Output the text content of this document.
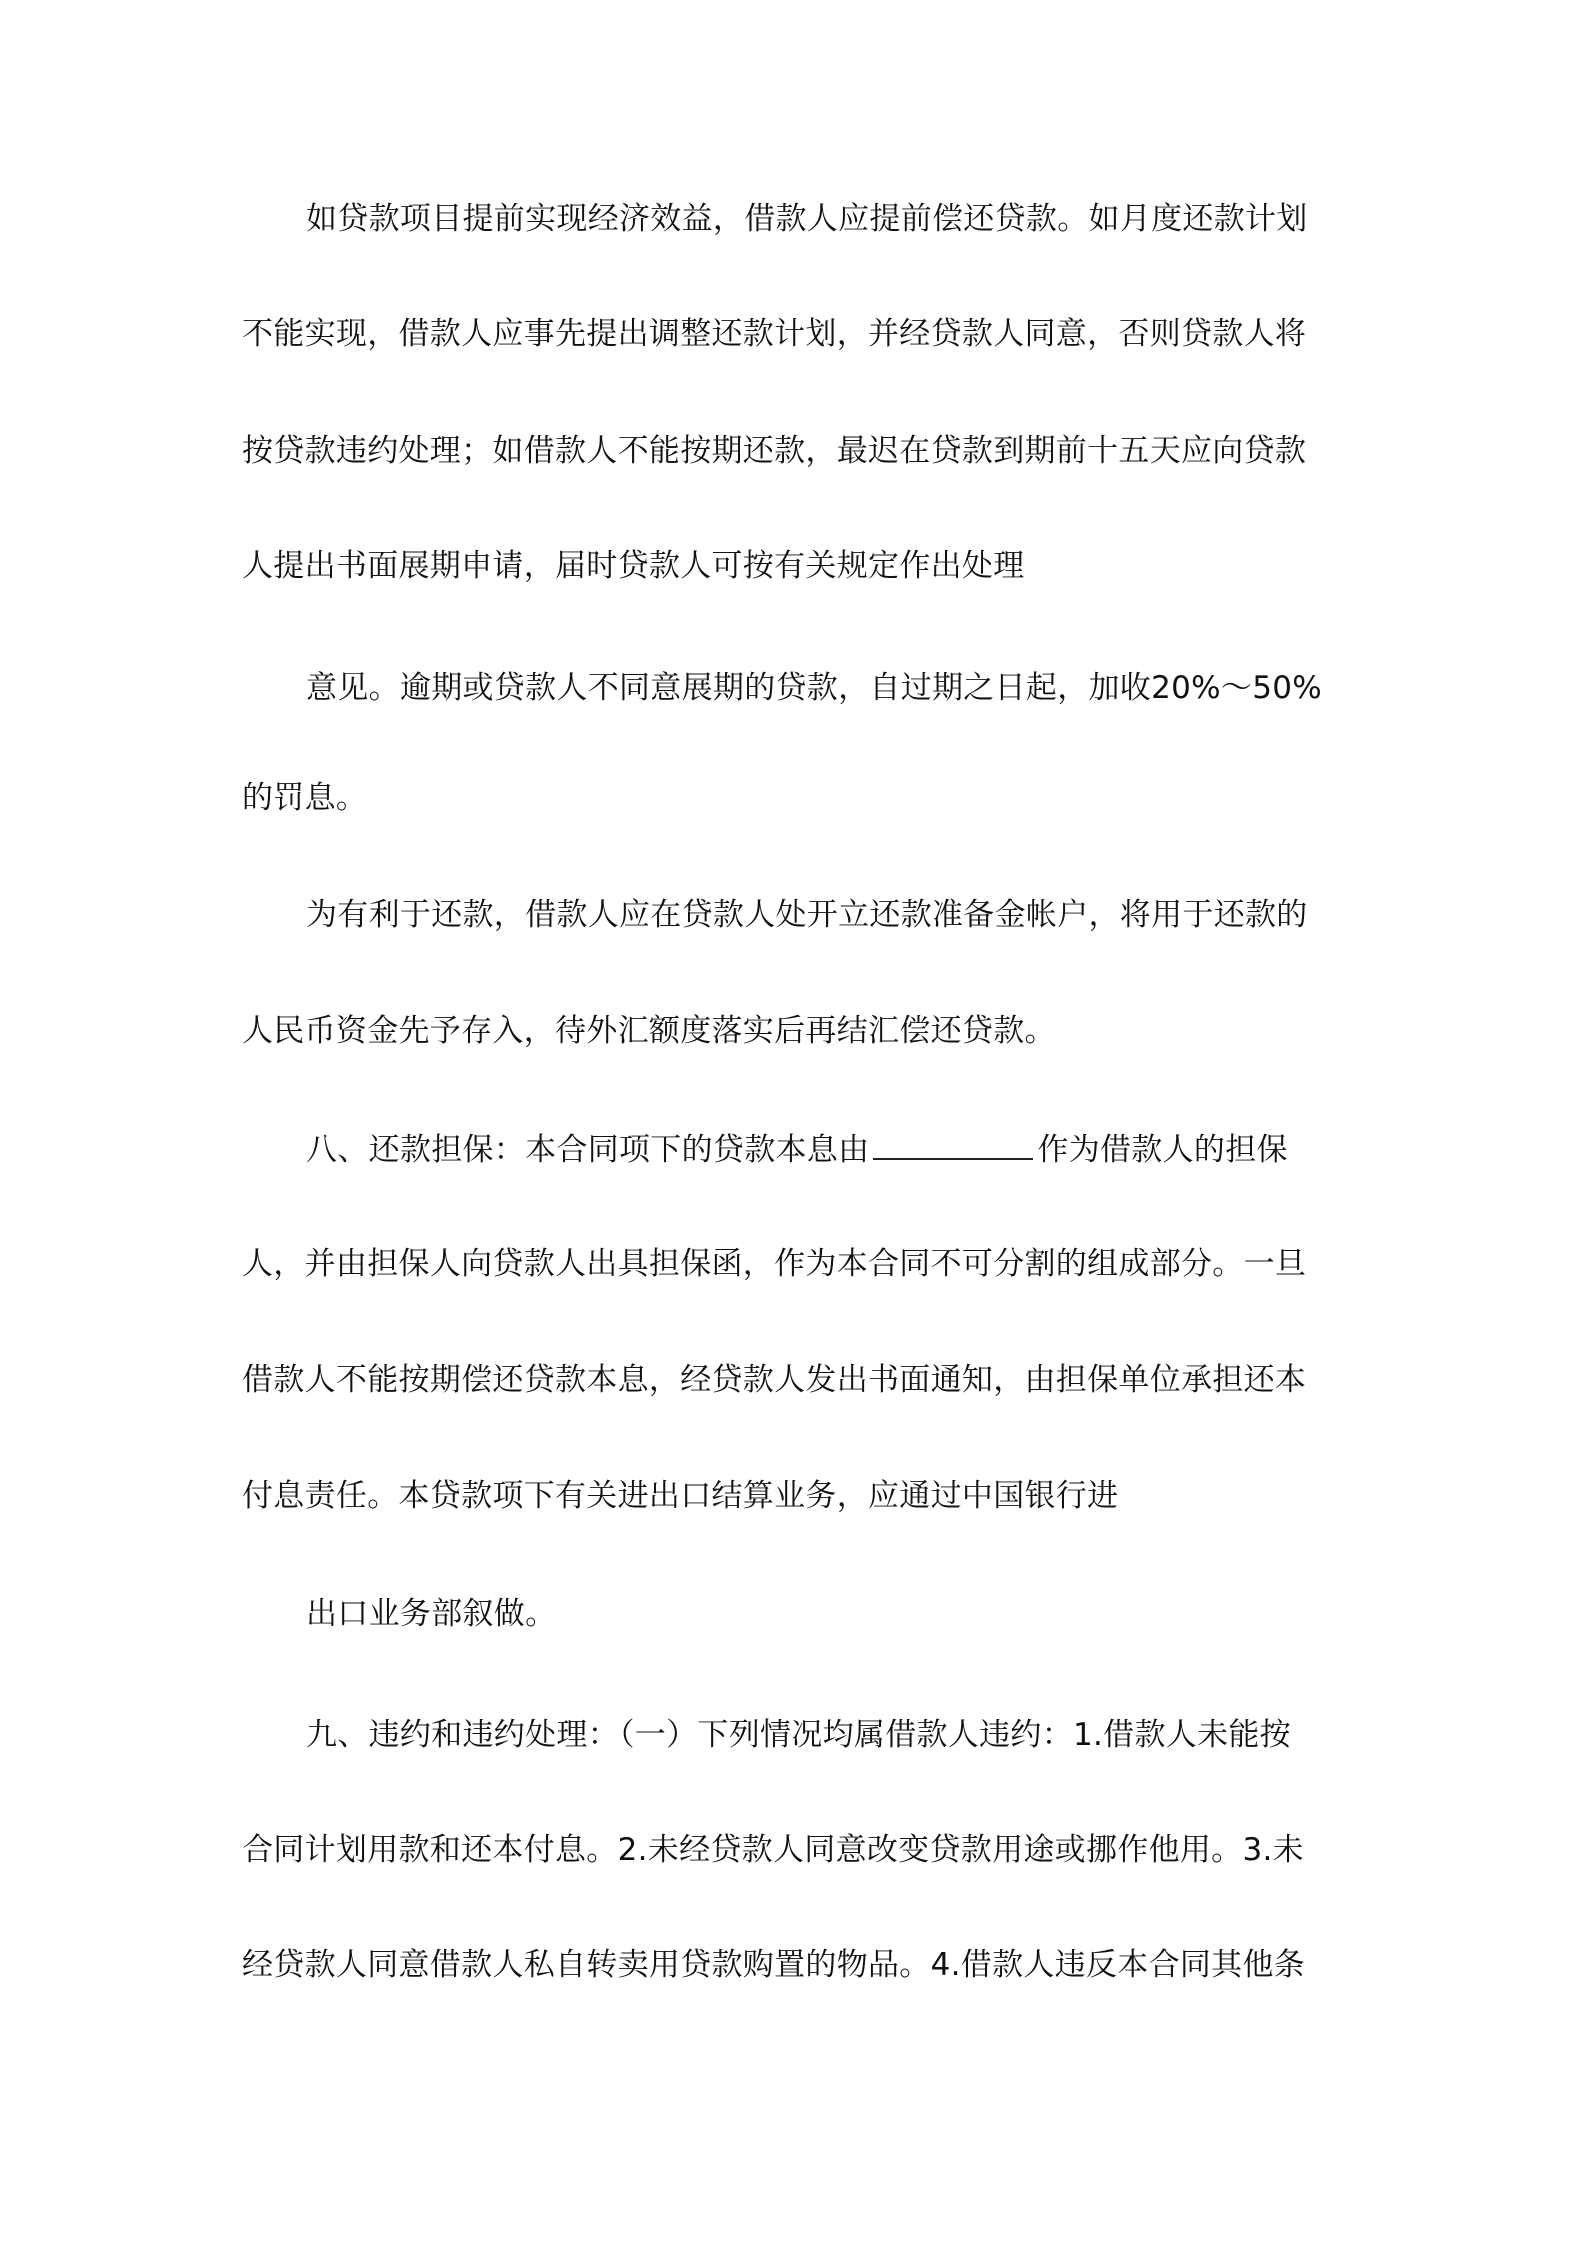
如贷款项目提前实现经济效益，借款人应提前偿还贷款。如月度还款计划
不能实现，借款人应事先提出调整还款计划，并经贷款人同意，否则贷款人将
按贷款违约处理；如借款人不能按期还款，最迟在贷款到期前十五天应向贷款
人提出书面展期申请，届时贷款人可按有关规定作出处理
意见。逾期或贷款人不同意展期的贷款，自过期之日起，加收20%～50%
的罚息。
为有利于还款，借款人应在贷款人处开立还款准备金帐户，将用于还款的
人民币资金先予存入，待外汇额度落实后再结汇偿还贷款。
八、还款担保：本合同项下的贷款本息由	作为借款人的担保
人，并由担保人向贷款人出具担保函，作为本合同不可分割的组成部分。一旦
借款人不能按期偿还贷款本息，经贷款人发出书面通知，由担保单位承担还本
付息责任。本贷款项下有关进出口结算业务，应通过中国银行进
出口业务部叙做。
九、违约和违约处理：（一）下列情况均属借款人违约：1.借款人未能按
合同计划用款和还本付息。2.未经贷款人同意改变贷款用途或挪作他用。3.未
经贷款人同意借款人私自转卖用贷款购置的物品。4.借款人违反本合同其他条
